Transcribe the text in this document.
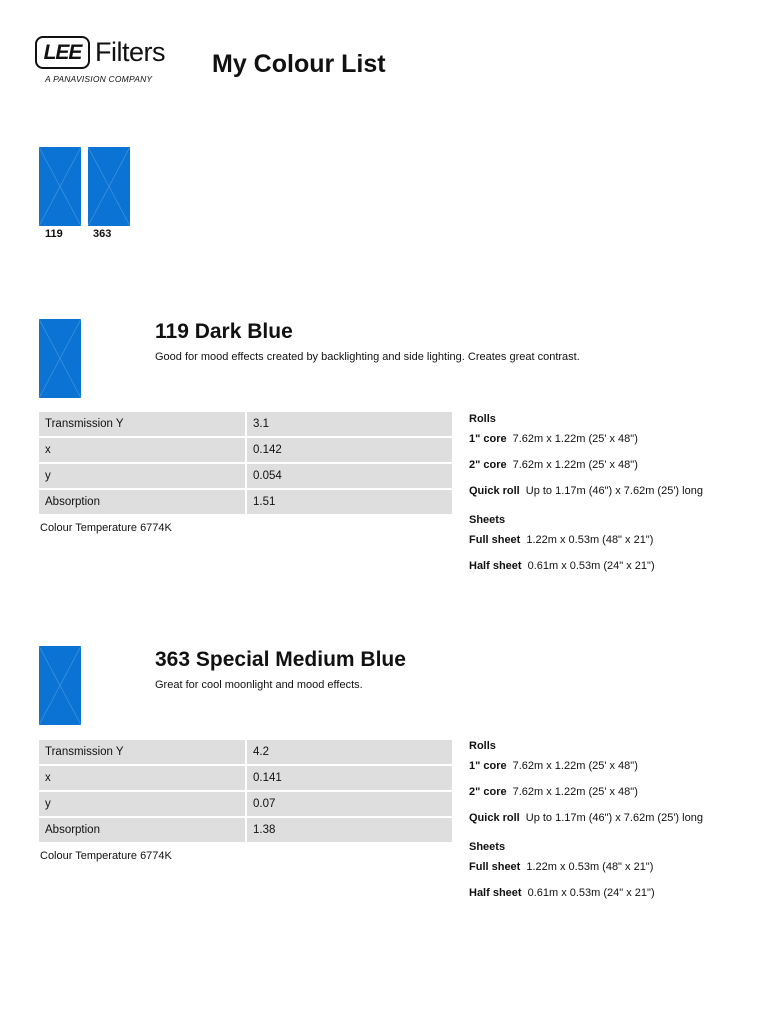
LEE Filters
A PANAVISION COMPANY
My Colour List
119	363
119 Dark Blue
Good for mood effects created by backlighting and side lighting. Creates great contrast.
Transmission Y	3.1
x	0.142
y	0.054
Absorption	1.51
Colour Temperature 6774K
Rolls
1" core 7.62m x 1.22m (25' x 48")
2" core 7.62m x 1.22m (25' x 48")
Quick roll Up to 1.17m (46") x 7.62m (25') long
Sheets
Full sheet 1.22m x 0.53m (48" x 21")
Half sheet 0.61m x 0.53m (24" x 21")
363 Special Medium Blue
Great for cool moonlight and mood effects.
Transmission Y	4.2
x	0.141
y	0.07
Absorption	1.38
Colour Temperature 6774K
Rolls
1" core 7.62m x 1.22m (25' x 48")
2" core 7.62m x 1.22m (25' x 48")
Quick roll Up to 1.17m (46") x 7.62m (25') long
Sheets
Full sheet 1.22m x 0.53m (48" x 21")
Half sheet 0.61m x 0.53m (24" x 21")
